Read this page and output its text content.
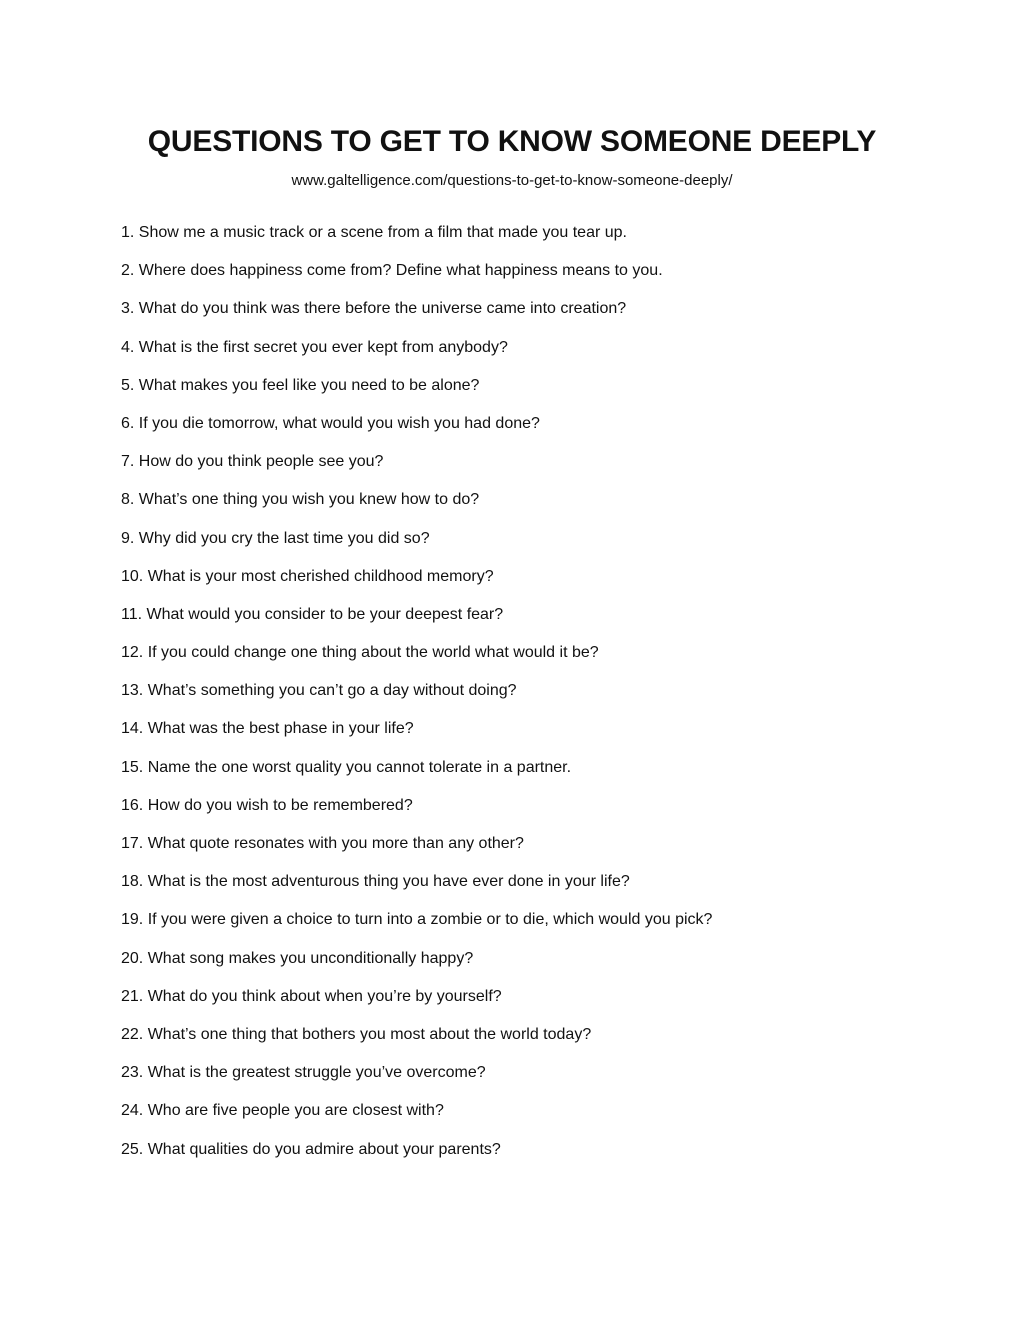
QUESTIONS TO GET TO KNOW SOMEONE DEEPLY
www.galtelligence.com/questions-to-get-to-know-someone-deeply/
1. Show me a music track or a scene from a film that made you tear up.
2. Where does happiness come from? Define what happiness means to you.
3. What do you think was there before the universe came into creation?
4. What is the first secret you ever kept from anybody?
5. What makes you feel like you need to be alone?
6. If you die tomorrow, what would you wish you had done?
7. How do you think people see you?
8. What’s one thing you wish you knew how to do?
9. Why did you cry the last time you did so?
10. What is your most cherished childhood memory?
11. What would you consider to be your deepest fear?
12. If you could change one thing about the world what would it be?
13. What’s something you can’t go a day without doing?
14. What was the best phase in your life?
15. Name the one worst quality you cannot tolerate in a partner.
16. How do you wish to be remembered?
17. What quote resonates with you more than any other?
18. What is the most adventurous thing you have ever done in your life?
19. If you were given a choice to turn into a zombie or to die, which would you pick?
20. What song makes you unconditionally happy?
21. What do you think about when you’re by yourself?
22. What’s one thing that bothers you most about the world today?
23. What is the greatest struggle you’ve overcome?
24. Who are five people you are closest with?
25. What qualities do you admire about your parents?
